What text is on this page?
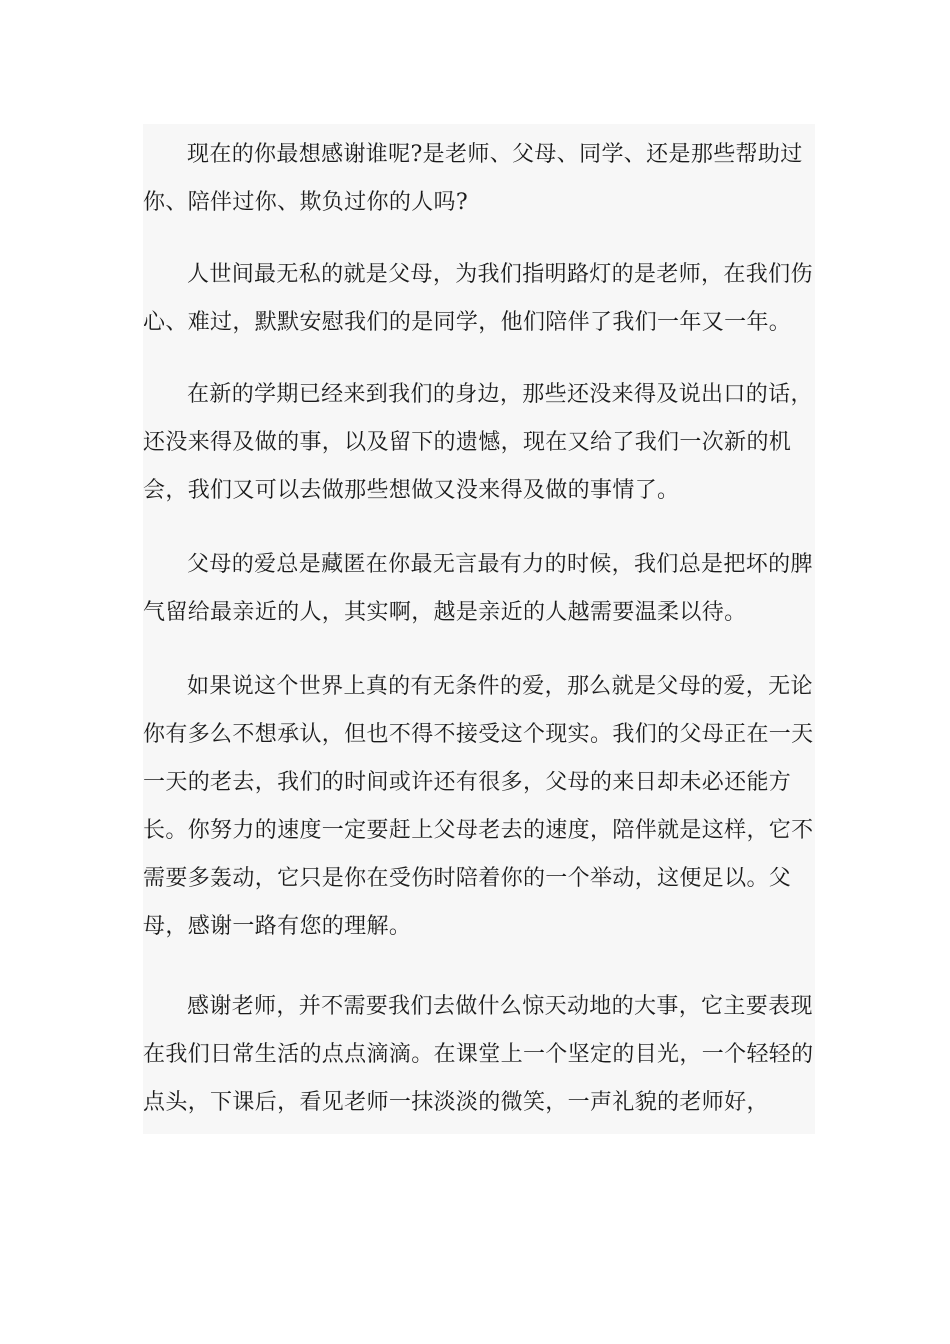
现在的你最想感谢谁呢?是老师、父母、同学、还是那些帮助过你、陪伴过你、欺负过你的人吗?

人世间最无私的就是父母，为我们指明路灯的是老师，在我们伤心、难过，默默安慰我们的是同学，他们陪伴了我们一年又一年。

在新的学期已经来到我们的身边，那些还没来得及说出口的话，还没来得及做的事，以及留下的遗憾，现在又给了我们一次新的机会，我们又可以去做那些想做又没来得及做的事情了。

父母的爱总是藏匿在你最无言最有力的时候，我们总是把坏的脾气留给最亲近的人，其实啊，越是亲近的人越需要温柔以待。

如果说这个世界上真的有无条件的爱，那么就是父母的爱，无论你有多么不想承认，但也不得不接受这个现实。我们的父母正在一天一天的老去，我们的时间或许还有很多，父母的来日却未必还能方长。你努力的速度一定要赶上父母老去的速度，陪伴就是这样，它不需要多轰动，它只是你在受伤时陪着你的一个举动，这便足以。父母，感谢一路有您的理解。

感谢老师，并不需要我们去做什么惊天动地的大事，它主要表现在我们日常生活的点点滴滴。在课堂上一个坚定的目光，一个轻轻的点头，下课后，看见老师一抹淡淡的微笑，一声礼貌的老师好，
